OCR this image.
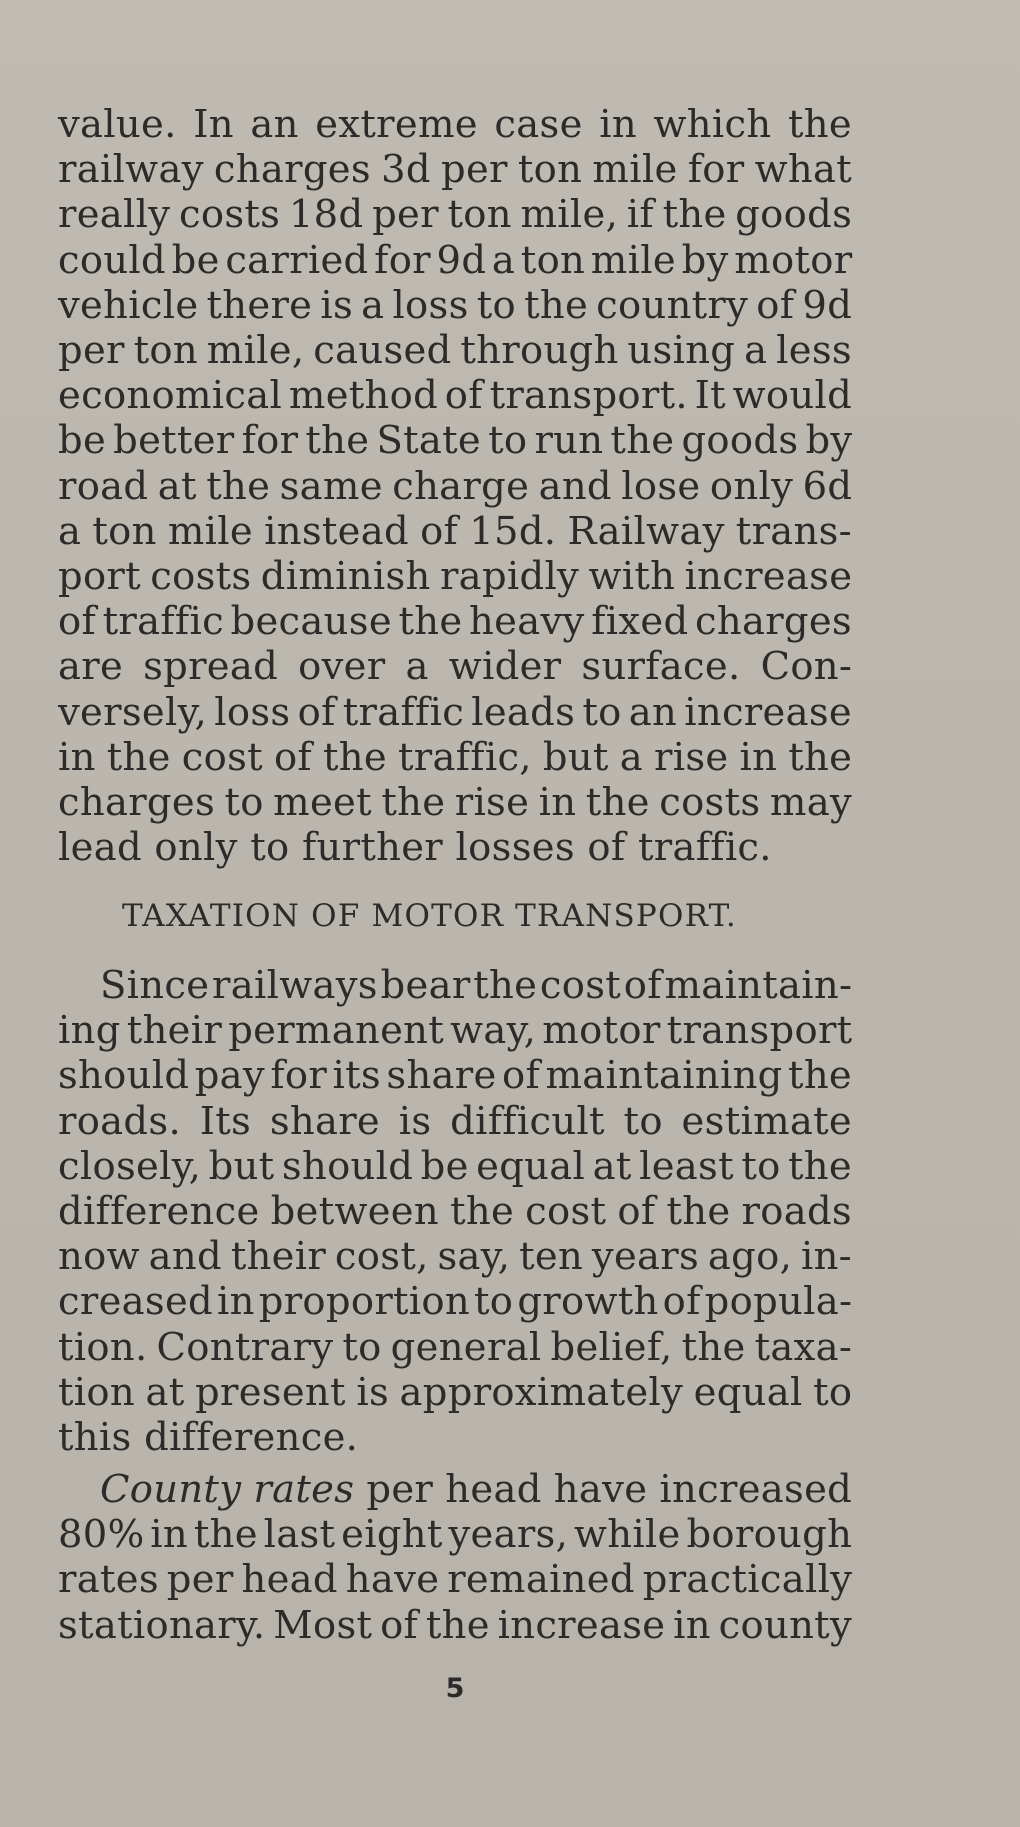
value. In an extreme case in which the
railway charges 3d per ton mile for what
really costs 18d per ton mile, if the goods
could be carried for 9d a ton mile by motor
vehicle there is a loss to the country of 9d
per ton mile, caused through using a less
economical method of transport. It would
be better for the State to run the goods by
road at the same charge and lose only 6d
a ton mile instead of 15d. Railway trans-
port costs diminish rapidly with increase
of traffic because the heavy fixed charges
are spread over a wider surface. Con-
versely, loss of traffic leads to an increase
in the cost of the traffic, but a rise in the
charges to meet the rise in the costs may
lead only to further losses of traffic.
TAXATION OF MOTOR TRANSPORT.
Since railways bear the cost of maintain-
ing their permanent way, motor transport
should pay for its share of maintaining the
roads. Its share is difficult to estimate
closely, but should be equal at least to the
difference between the cost of the roads
now and their cost, say, ten years ago, in-
creased in proportion to growth of popula-
tion. Contrary to general belief, the taxa-
tion at present is approximately equal to
this difference.
County rates per head have increased
80% in the last eight years, while borough
rates per head have remained practically
stationary. Most of the increase in county
5
